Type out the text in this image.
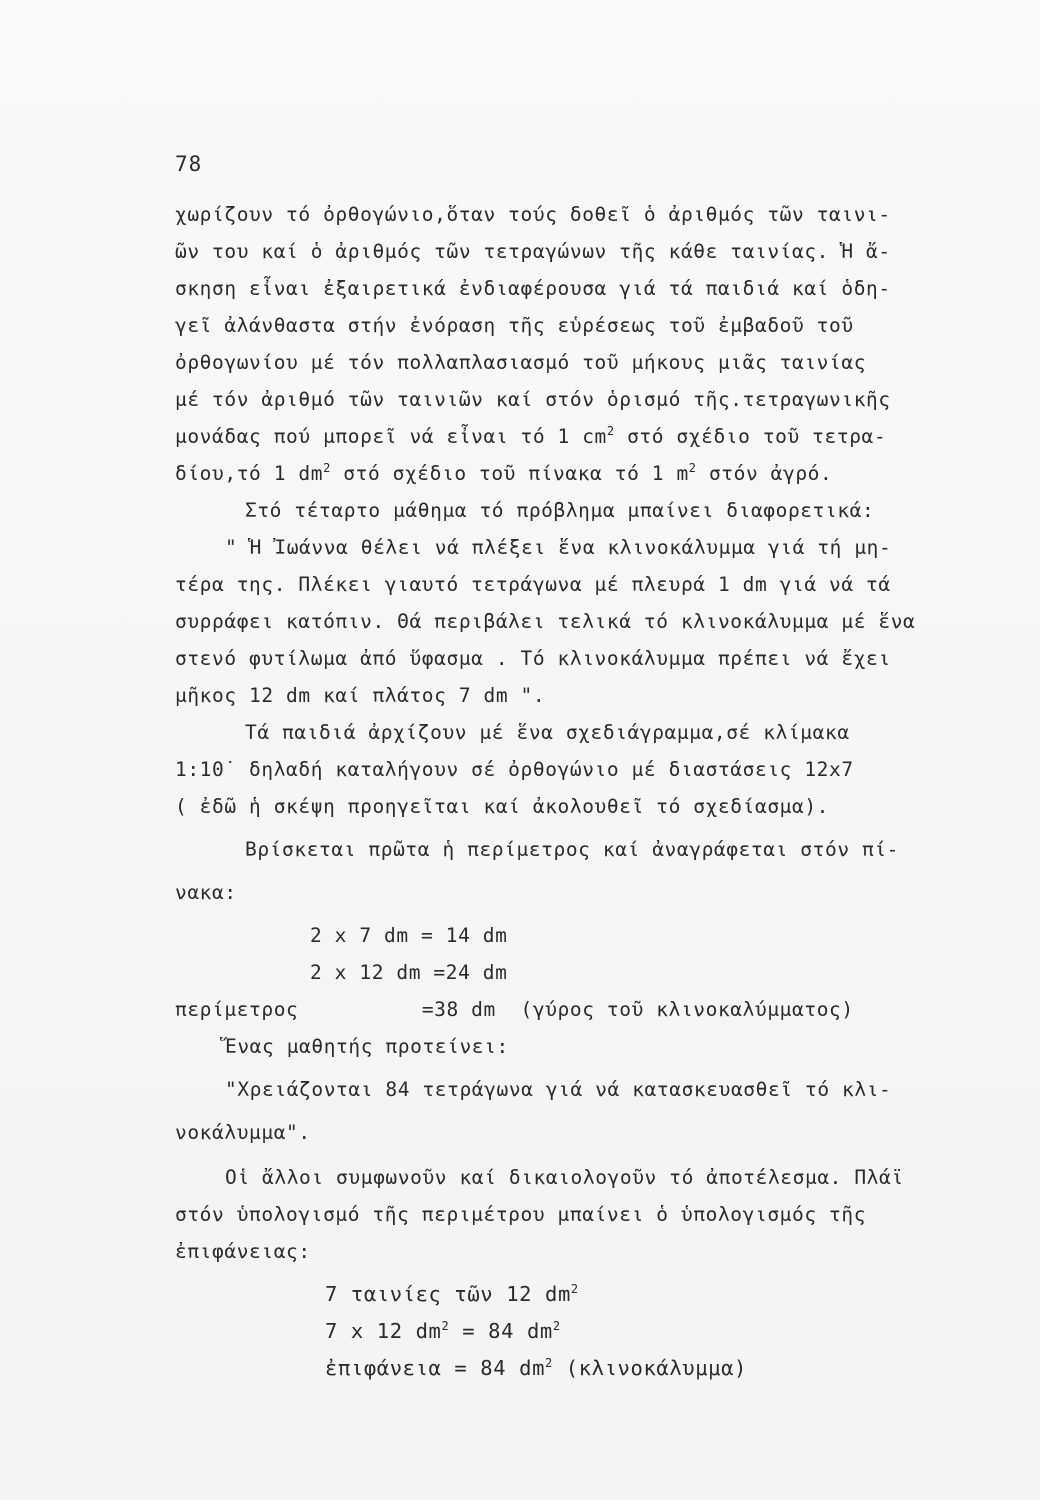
78
χωρίζουν τό ὀρθογώνιο,ὅταν τούς δοθεῖ ὁ ἀριθμός τῶν ταινι-
ῶν του καί ὁ ἀριθμός τῶν τετραγώνων τῆς κάθε ταινίας. Ἡ ἄ-
σκηση εἶναι ἐξαιρετικά ἐνδιαφέρουσα γιά τά παιδιά καί ὁδη-
γεῖ ἀλάνθαστα στήν ἐνόραση τῆς εὑρέσεως τοῦ ἐμβαδοῦ τοῦ
ὀρθογωνίου μέ τόν πολλαπλασιασμό τοῦ μήκους μιᾶς ταινίας
μέ τόν ἀριθμό τῶν ταινιῶν καί στόν ὁρισμό τῆς.τετραγωνικῆς
μονάδας πού μπορεῖ νά εἶναι τό 1 $cm^2$ στό σχέδιο τοῦ τετρα-
δίου,τό 1 $dm^2$ στό σχέδιο τοῦ πίνακα τό 1 $m^2$ στόν ἀγρό.
Στό τέταρτο μάθημα τό πρόβλημα μπαίνει διαφορετικά:
" Ἡ Ἰωάννα θέλει νά πλέξει ἕνα κλινοκάλυμμα γιά τή μη-
τέρα της. Πλέκει γιαυτό τετράγωνα μέ πλευρά 1 dm γιά νά τά
συρράφει κατόπιν. Θά περιβάλει τελικά τό κλινοκάλυμμα μέ ἕνα
στενό φυτίλωμα ἀπό ὕφασμα . Τό κλινοκάλυμμα πρέπει νά ἔχει
μῆκος 12 dm καί πλάτος 7 dm ".
Τά παιδιά ἀρχίζουν μέ ἕνα σχεδιάγραμμα,σέ κλίμακα
1:10˙ δηλαδή καταλήγουν σέ ὀρθογώνιο μέ διαστάσεις 12x7
( ἐδῶ ἡ σκέψη προηγεῖται καί ἀκολουθεῖ τό σχεδίασμα).
Βρίσκεται πρῶτα ἡ περίμετρος καί ἀναγράφεται στόν πί-
νακα:
2 x 7 dm = 14 dm
2 x 12 dm =24 dm
περίμετρος	=38 dm  (γύρος τοῦ κλινοκαλύμματος)
Ἕνας μαθητής προτείνει:
"Χρειάζονται 84 τετράγωνα γιά νά κατασκευασθεῖ τό κλι-
νοκάλυμμα".
Οἱ ἄλλοι συμφωνοῦν καί δικαιολογοῦν τό ἀποτέλεσμα. Πλάϊ
στόν ὑπολογισμό τῆς περιμέτρου μπαίνει ὁ ὑπολογισμός τῆς
ἐπιφάνειας:
7 ταινίες τῶν 12 $dm^2$
7 x 12 $dm^2 = 84$ $dm^2$
ἐπιφάνεια = 84 $dm^2$ (κλινοκάλυμμα)
